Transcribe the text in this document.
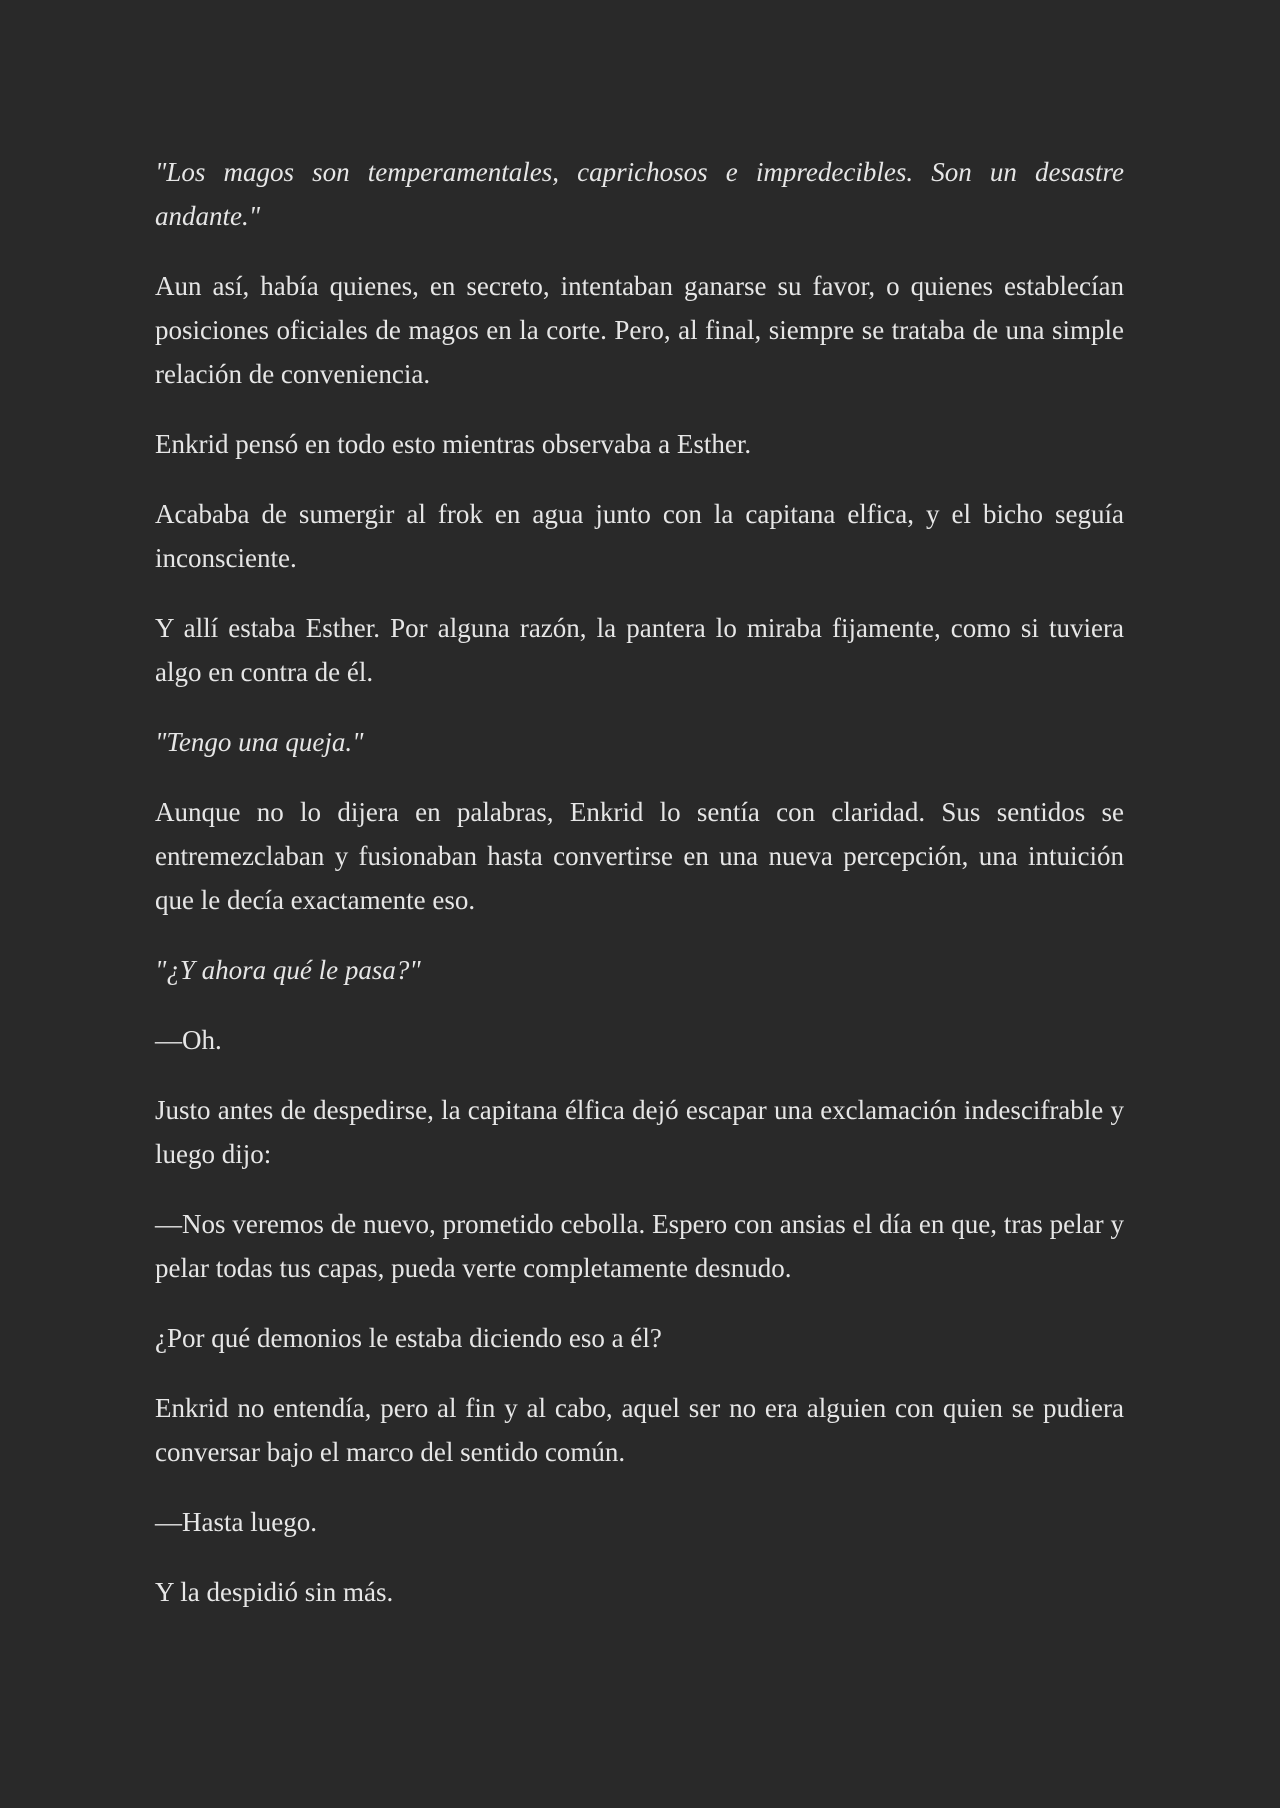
"Los magos son temperamentales, caprichosos e impredecibles. Son un desastre andante."

Aun así, había quienes, en secreto, intentaban ganarse su favor, o quienes establecían posiciones oficiales de magos en la corte. Pero, al final, siempre se trataba de una simple relación de conveniencia.

Enkrid pensó en todo esto mientras observaba a Esther.

Acababa de sumergir al frok en agua junto con la capitana elfica, y el bicho seguía inconsciente.

Y allí estaba Esther. Por alguna razón, la pantera lo miraba fijamente, como si tuviera algo en contra de él.

"Tengo una queja."

Aunque no lo dijera en palabras, Enkrid lo sentía con claridad. Sus sentidos se entremezclaban y fusionaban hasta convertirse en una nueva percepción, una intuición que le decía exactamente eso.

"¿Y ahora qué le pasa?"

—Oh.

Justo antes de despedirse, la capitana élfica dejó escapar una exclamación indescifrable y luego dijo:

—Nos veremos de nuevo, prometido cebolla. Espero con ansias el día en que, tras pelar y pelar todas tus capas, pueda verte completamente desnudo.

¿Por qué demonios le estaba diciendo eso a él?

Enkrid no entendía, pero al fin y al cabo, aquel ser no era alguien con quien se pudiera conversar bajo el marco del sentido común.

—Hasta luego.

Y la despidió sin más.
